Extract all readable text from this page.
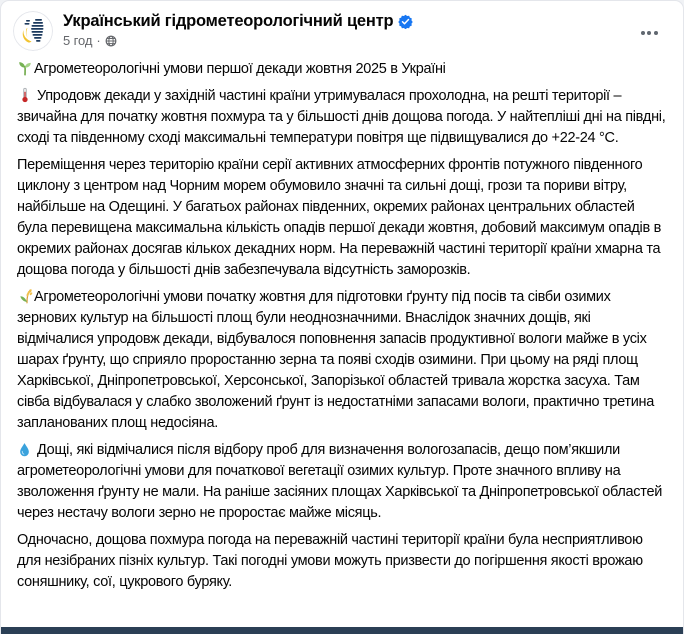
Український гідрометеорологічний центр
5 год ·

Агрометеорологічні умови першої декади жовтня 2025 в Україні

Упродовж декади у західній частині країни утримувалася прохолодна, на решті території – звичайна для початку жовтня похмура та у більшості днів дощова погода. У найтепліші дні на півдні, сході та південному сході максимальні температури повітря ще підвищувалися до +22-24 °С.

Переміщення через територію країни серії активних атмосферних фронтів потужного південного циклону з центром над Чорним морем обумовило значні та сильні дощі, грози та пориви вітру, найбільше на Одещині. У багатьох районах південних, окремих районах центральних областей була перевищена максимальна кількість опадів першої декади жовтня, добовий максимум опадів в окремих районах досягав кількох декадних норм. На переважній частині території країни хмарна та дощова погода у більшості днів забезпечувала відсутність заморозків.

Агрометеорологічні умови початку жовтня для підготовки ґрунту під посів та сівби озимих зернових культур на більшості площ були неоднозначними. Внаслідок значних дощів, які відмічалися упродовж декади, відбувалося поповнення запасів продуктивної вологи майже в усіх шарах ґрунту, що сприяло проростанню зерна та появі сходів озимини. При цьому на ряді площ Харківської, Дніпропетровської, Херсонської, Запорізької областей тривала жорстка засуха. Там сівба відбувалася у слабко зволожений ґрунт із недостатніми запасами вологи, практично третина запланованих площ недосіяна.

Дощі, які відмічалися після відбору проб для визначення вологозапасів, дещо пом’якшили агрометеорологічні умови для початкової вегетації озимих культур. Проте значного впливу на зволоження ґрунту не мали. На раніше засіяних площах Харківської та Дніпропетровської областей через нестачу вологи зерно не проростає майже місяць.

Одночасно, дощова похмура погода на переважній частині території країни була несприятливою для незібраних пізніх культур. Такі погодні умови можуть призвести до погіршення якості врожаю соняшнику, сої, цукрового буряку.
